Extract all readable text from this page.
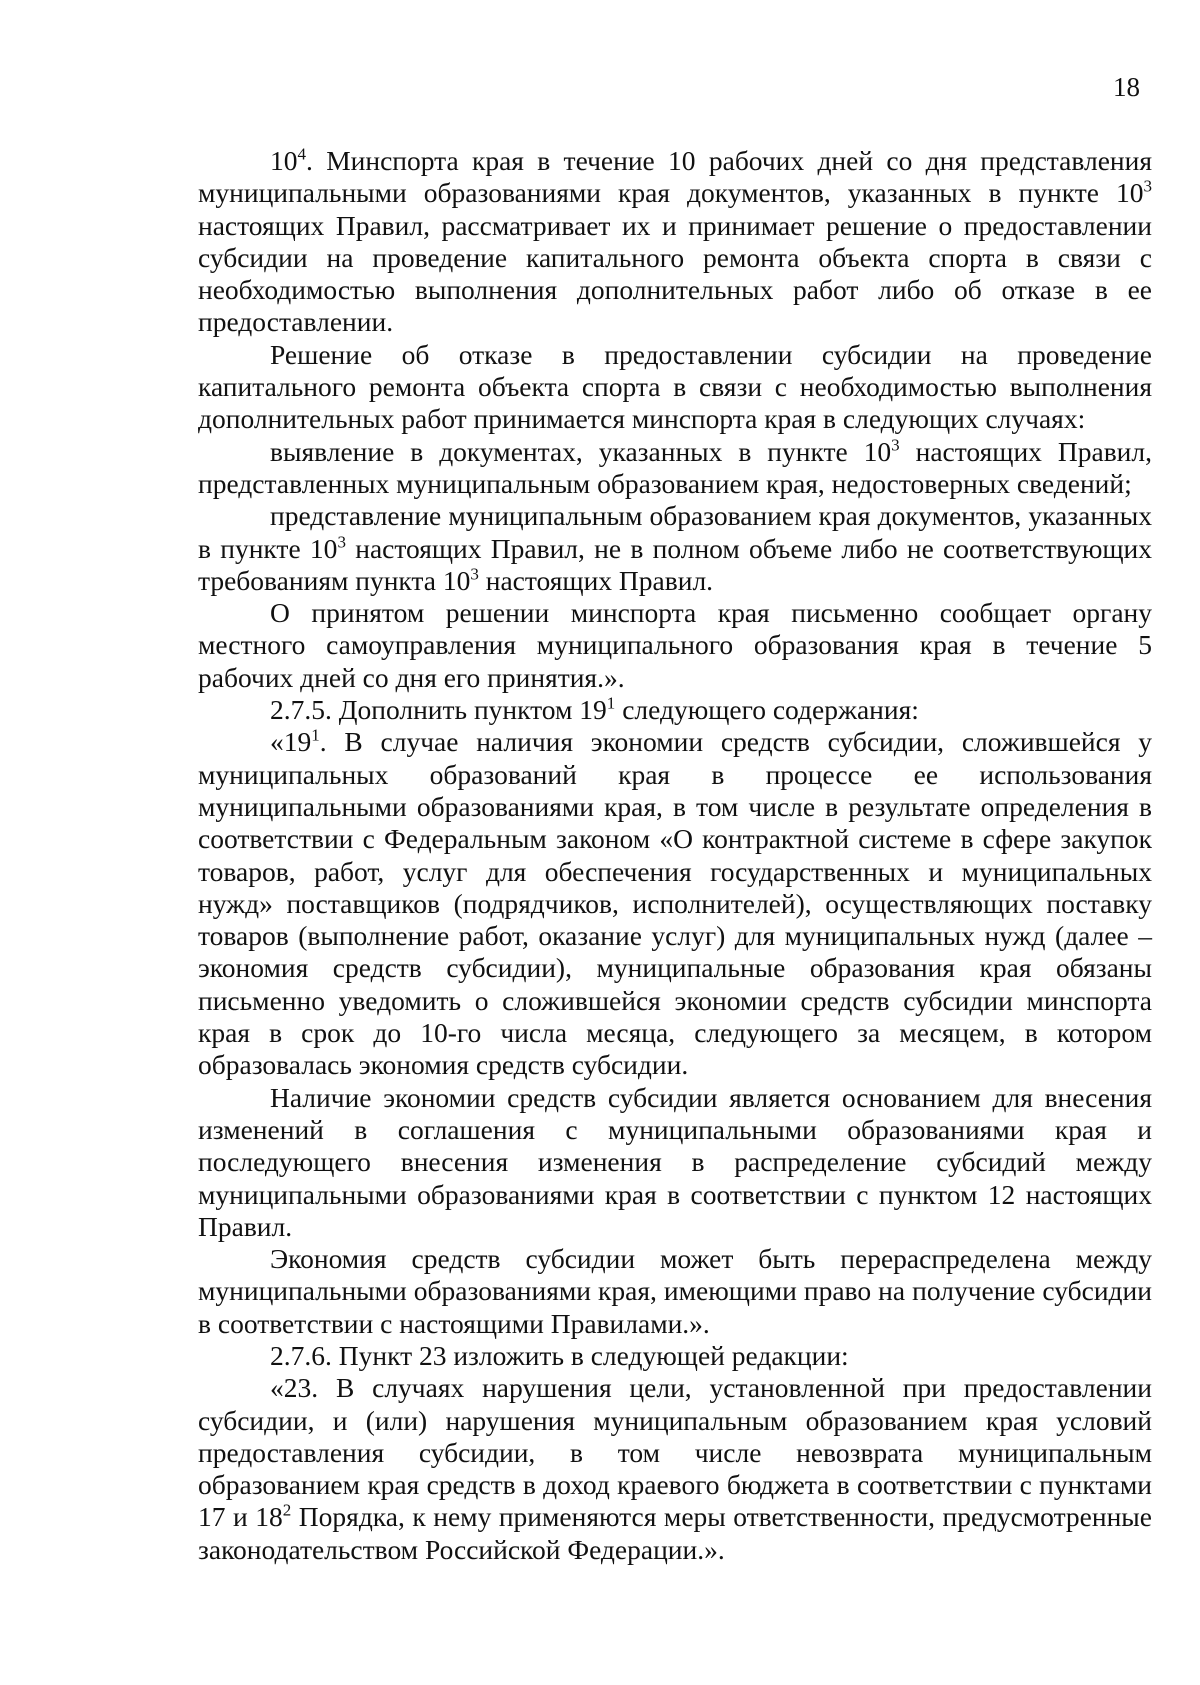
18

$10^4$. Минспорта края в течение 10 рабочих дней со дня представления муниципальными образованиями края документов, указанных в пункте $10^3$ настоящих Правил, рассматривает их и принимает решение о предоставлении субсидии на проведение капитального ремонта объекта спорта в связи с необходимостью выполнения дополнительных работ либо об отказе в ее предоставлении.

Решение об отказе в предоставлении субсидии на проведение капитального ремонта объекта спорта в связи с необходимостью выполнения дополнительных работ принимается минспорта края в следующих случаях:

выявление в документах, указанных в пункте $10^3$ настоящих Правил, представленных муниципальным образованием края, недостоверных сведений;

представление муниципальным образованием края документов, указанных в пункте $10^3$ настоящих Правил, не в полном объеме либо не соответствующих требованиям пункта $10^3$ настоящих Правил.

О принятом решении минспорта края письменно сообщает органу местного самоуправления муниципального образования края в течение 5 рабочих дней со дня его принятия.».

2.7.5. Дополнить пунктом $19^1$ следующего содержания:

«$19^1$. В случае наличия экономии средств субсидии, сложившейся у муниципальных образований края в процессе ее использования муниципальными образованиями края, в том числе в результате определения в соответствии с Федеральным законом «О контрактной системе в сфере закупок товаров, работ, услуг для обеспечения государственных и муниципальных нужд» поставщиков (подрядчиков, исполнителей), осуществляющих поставку товаров (выполнение работ, оказание услуг) для муниципальных нужд (далее – экономия средств субсидии), муниципальные образования края обязаны письменно уведомить о сложившейся экономии средств субсидии минспорта края в срок до 10-го числа месяца, следующего за месяцем, в котором образовалась экономия средств субсидии.

Наличие экономии средств субсидии является основанием для внесения изменений в соглашения с муниципальными образованиями края и последующего внесения изменения в распределение субсидий между муниципальными образованиями края в соответствии с пунктом 12 настоящих Правил.

Экономия средств субсидии может быть перераспределена между муниципальными образованиями края, имеющими право на получение субсидии в соответствии с настоящими Правилами.».

2.7.6. Пункт 23 изложить в следующей редакции:

«23. В случаях нарушения цели, установленной при предоставлении субсидии, и (или) нарушения муниципальным образованием края условий предоставления субсидии, в том числе невозврата муниципальным образованием края средств в доход краевого бюджета в соответствии с пунктами 17 и $18^2$ Порядка, к нему применяются меры ответственности, предусмотренные законодательством Российской Федерации.».
